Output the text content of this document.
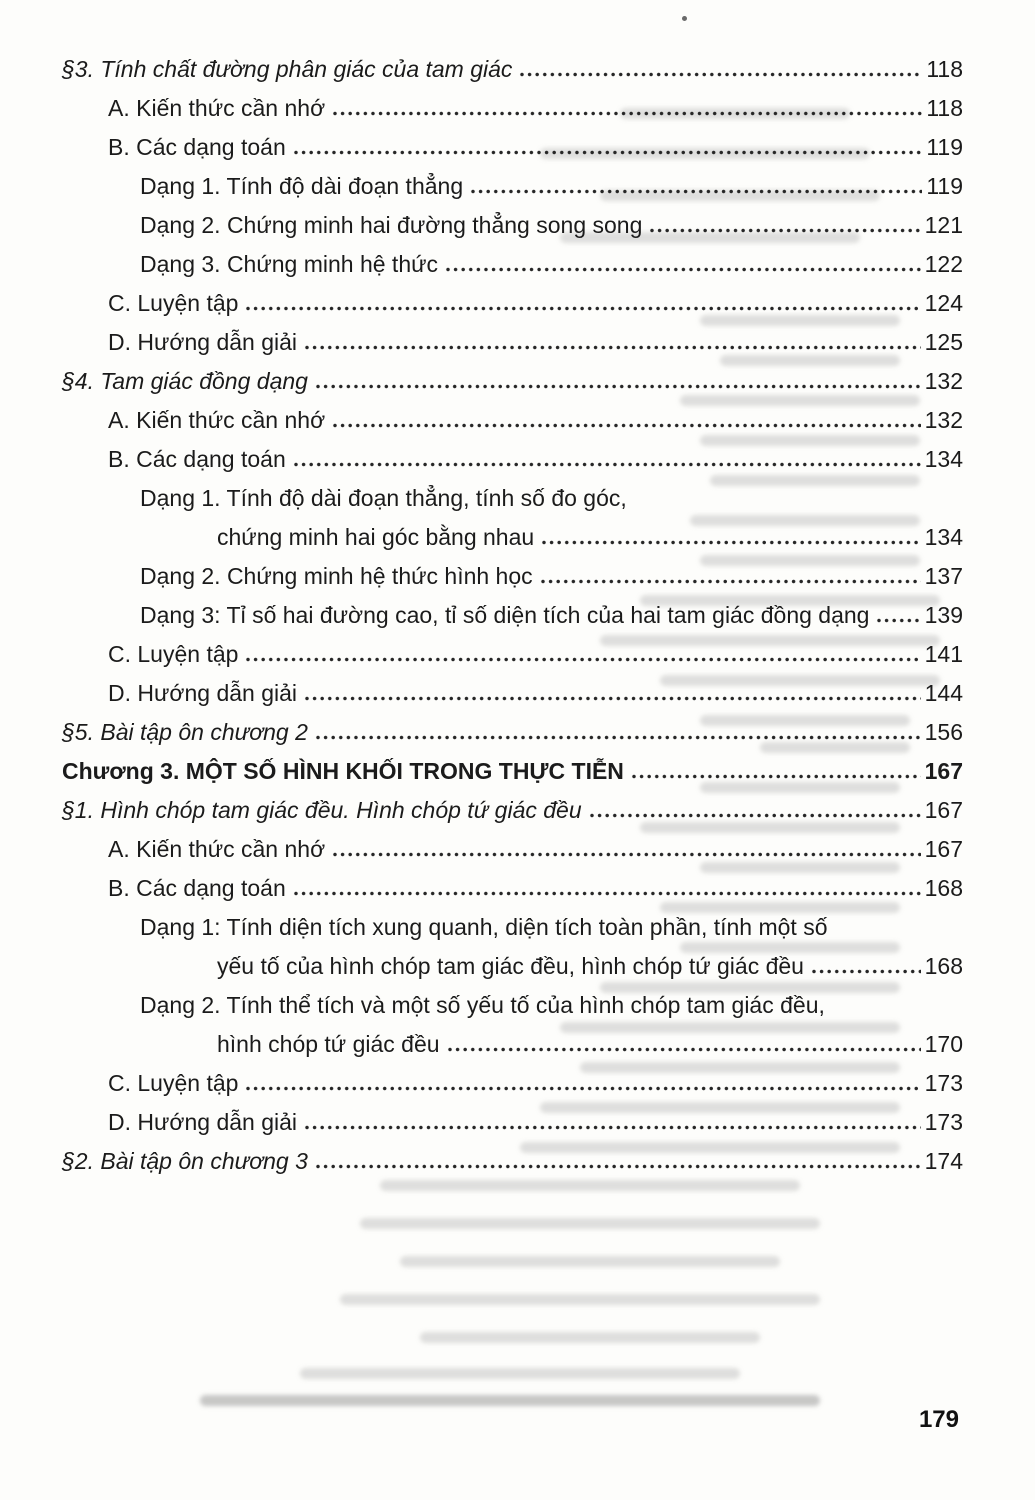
§3. Tính chất đường phân giác của tam giác	118
A. Kiến thức cần nhớ	118
B. Các dạng toán	119
Dạng 1. Tính độ dài đoạn thẳng	119
Dạng 2. Chứng minh hai đường thẳng song song	121
Dạng 3. Chứng minh hệ thức	122
C. Luyện tập	124
D. Hướng dẫn giải	125
§4. Tam giác đồng dạng	132
A. Kiến thức cần nhớ	132
B. Các dạng toán	134
Dạng 1. Tính độ dài đoạn thẳng, tính số đo góc,
chứng minh hai góc bằng nhau	134
Dạng 2. Chứng minh hệ thức hình học	137
Dạng 3: Tỉ số hai đường cao, tỉ số diện tích của hai tam giác đồng dạng 139
C. Luyện tập	141
D. Hướng dẫn giải	144
§5. Bài tập ôn chương 2	156
Chương 3. MỘT SỐ HÌNH KHỐI TRONG THỰC TIỄN	167
§1. Hình chóp tam giác đều. Hình chóp tứ giác đều	167
A. Kiến thức cần nhớ	167
B. Các dạng toán	168
Dạng 1: Tính diện tích xung quanh, diện tích toàn phần, tính một số
yếu tố của hình chóp tam giác đều, hình chóp tứ giác đều	168
Dạng 2. Tính thể tích và một số yếu tố của hình chóp tam giác đều,
hình chóp tứ giác đều	170
C. Luyện tập	173
D. Hướng dẫn giải	173
§2. Bài tập ôn chương 3	174
179
